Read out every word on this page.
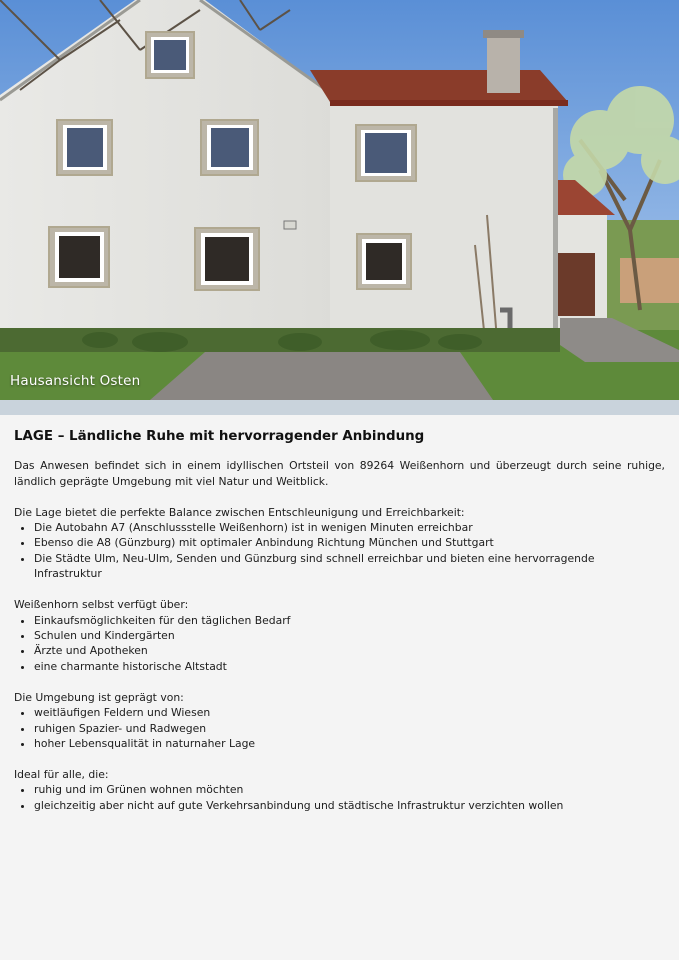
Hausansicht Osten
LAGE – Ländliche Ruhe mit hervorragender Anbindung

Das Anwesen befindet sich in einem idyllischen Ortsteil von 89264 Weißenhorn und überzeugt durch seine ruhige, ländlich geprägte Umgebung mit viel Natur und Weitblick.

Die Lage bietet die perfekte Balance zwischen Entschleunigung und Erreichbarkeit:

• Die Autobahn A7 (Anschlussstelle Weißenhorn) ist in wenigen Minuten erreichbar
• Ebenso die A8 (Günzburg) mit optimaler Anbindung Richtung München und Stuttgart
• Die Städte Ulm, Neu-Ulm, Senden und Günzburg sind schnell erreichbar und bieten eine hervorragende Infrastruktur

Weißenhorn selbst verfügt über:

• Einkaufsmöglichkeiten für den täglichen Bedarf
• Schulen und Kindergärten
• Ärzte und Apotheken
• eine charmante historische Altstadt

Die Umgebung ist geprägt von:

• weitläufigen Feldern und Wiesen
• ruhigen Spazier- und Radwegen
• hoher Lebensqualität in naturnaher Lage

Ideal für alle, die:

• ruhig und im Grünen wohnen möchten
• gleichzeitig aber nicht auf gute Verkehrsanbindung und städtische Infrastruktur verzichten wollen
